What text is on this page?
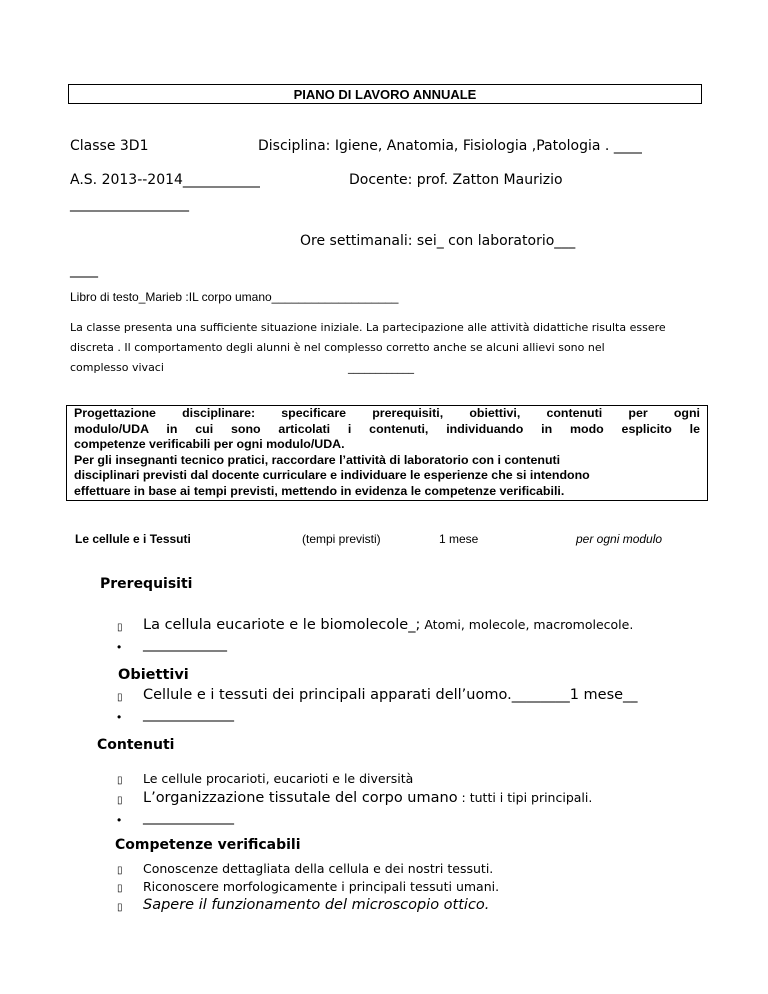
PIANO DI LAVORO ANNUALE
Classe 3D1	Disciplina: Igiene, Anatomia, Fisiologia ,Patologia . ____
A.S. 2013--2014___________	Docente: prof. Zatton Maurizio
_________________
Ore settimanali: sei_ con laboratorio___
____
Libro di testo_Marieb :IL corpo umano___________________
La classe presenta una sufficiente situazione iniziale. La partecipazione alle attività didattiche risulta essere
discreta . Il comportamento degli alunni è nel complesso corretto anche se alcuni allievi sono nel
complesso vivaci	____________
Progettazione disciplinare: specificare prerequisiti, obiettivi, contenuti per ogni
modulo/UDA in cui sono articolati i contenuti, individuando in modo esplicito le
competenze verificabili per ogni modulo/UDA.
Per gli insegnanti tecnico pratici, raccordare l’attività di laboratorio con i contenuti
disciplinari previsti dal docente curriculare e individuare le esperienze che si intendono
effettuare in base ai tempi previsti, mettendo in evidenza le competenze verificabili.
Le cellule e i Tessuti	(tempi previsti)	1 mese	per ogni modulo
Prerequisiti
▯ La cellula eucariote e le biomolecole_; Atomi, molecole, macromolecole.
• ____________
Obiettivi
▯ Cellule e i tessuti dei principali apparati dell’uomo.________1 mese__
• _____________
Contenuti
▯ Le cellule procarioti, eucarioti e le diversità
▯ L’organizzazione tissutale del corpo umano : tutti i tipi principali.
• _____________
Competenze verificabili
▯ Conoscenze dettagliata della cellula e dei nostri tessuti.
▯ Riconoscere morfologicamente i principali tessuti umani.
▯ Sapere il funzionamento del microscopio ottico.
